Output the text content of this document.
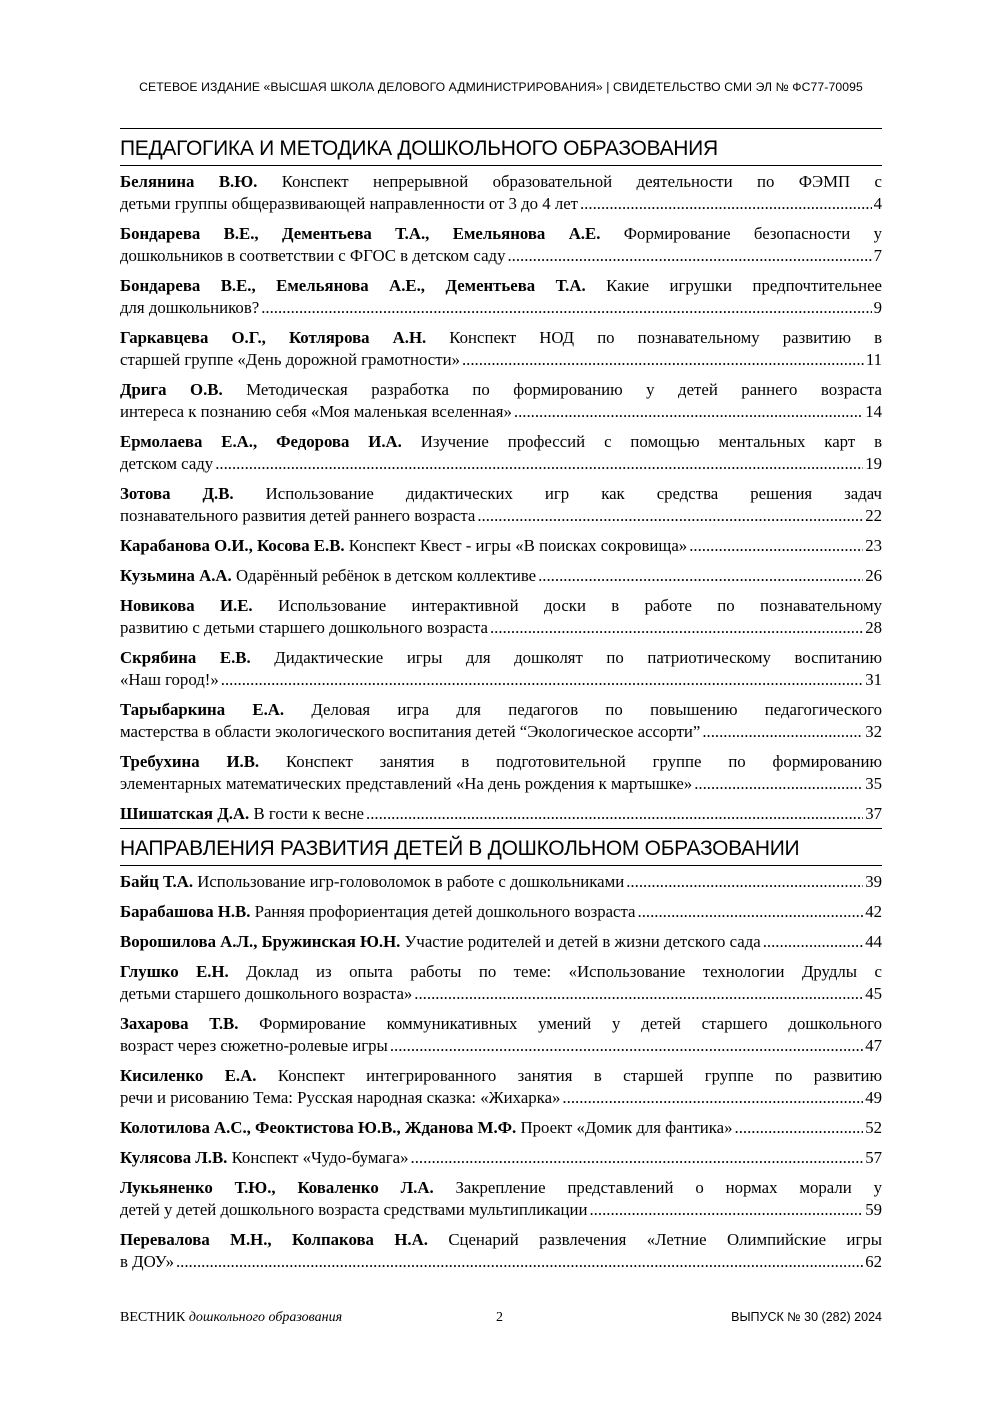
СЕТЕВОЕ ИЗДАНИЕ «ВЫСШАЯ ШКОЛА ДЕЛОВОГО АДМИНИСТРИРОВАНИЯ» | СВИДЕТЕЛЬСТВО СМИ ЭЛ № ФС77-70095
ПЕДАГОГИКА И МЕТОДИКА ДОШКОЛЬНОГО ОБРАЗОВАНИЯ
Белянина В.Ю. Конспект непрерывной образовательной деятельности по ФЭМП с
детьми группы общеразвивающей направленности от 3 до 4 лет .....	4
Бондарева В.Е., Дементьева Т.А., Емельянова А.Е. Формирование безопасности у
дошкольников в соответствии с ФГОС в детском саду .....	7
Бондарева В.Е., Емельянова А.Е., Дементьева Т.А. Какие игрушки предпочтительнее
для дошкольников? .....	9
Гаркавцева О.Г., Котлярова А.Н. Конспект НОД по познавательному развитию в
старшей группе «День дорожной грамотности» .....	11
Дрига О.В. Методическая разработка по формированию у детей раннего возраста
интереса к познанию себя «Моя маленькая вселенная» .....	14
Ермолаева Е.А., Федорова И.А. Изучение профессий с помощью ментальных карт в
детском саду .....	19
Зотова Д.В. Использование дидактических игр как средства решения задач
познавательного развития детей раннего возраста .....	22
Карабанова О.И., Косова Е.В. Конспект Квест - игры «В поисках сокровища» .....	23
Кузьмина А.А. Одарённый ребёнок в детском коллективе .....	26
Новикова И.Е. Использование интерактивной доски в работе по познавательному
развитию с детьми старшего дошкольного возраста .....	28
Скрябина Е.В. Дидактические игры для дошколят по патриотическому воспитанию
«Наш город!» .....	31
Тарыбаркина Е.А. Деловая игра для педагогов по повышению педагогического
мастерства в области экологического воспитания детей “Экологическое ассорти” .....	32
Требухина И.В. Конспект занятия в подготовительной группе по формированию
элементарных математических представлений «На день рождения к мартышке» .....	35
Шишатская Д.А. В гости к весне .....	37
НАПРАВЛЕНИЯ РАЗВИТИЯ ДЕТЕЙ В ДОШКОЛЬНОМ ОБРАЗОВАНИИ
Байц Т.А. Использование игр-головоломок в работе с дошкольниками .....	39
Барабашова Н.В. Ранняя профориентация детей дошкольного возраста .....	42
Ворошилова А.Л., Бружинская Ю.Н. Участие родителей и детей в жизни детского сада .....	44
Глушко Е.Н. Доклад из опыта работы по теме: «Использование технологии Друдлы с
детьми старшего дошкольного возраста» .....	45
Захарова Т.В. Формирование коммуникативных умений у детей старшего дошкольного
возраст через сюжетно-ролевые игры .....	47
Кисиленко Е.А. Конспект интегрированного занятия в старшей группе по развитию
речи и рисованию Тема: Русская народная сказка: «Жихарка» .....	49
Колотилова А.С., Феоктистова Ю.В., Жданова М.Ф. Проект «Домик для фантика» .....	52
Кулясова Л.В. Конспект «Чудо-бумага» .....	57
Лукьяненко Т.Ю., Коваленко Л.А. Закрепление представлений о нормах морали у
детей у детей дошкольного возраста средствами мультипликации .....	59
Перевалова М.Н., Колпакова Н.А. Сценарий развлечения «Летние Олимпийские игры
в ДОУ» .....	62
ВЕСТНИК дошкольного образования	2	ВЫПУСК № 30 (282) 2024
